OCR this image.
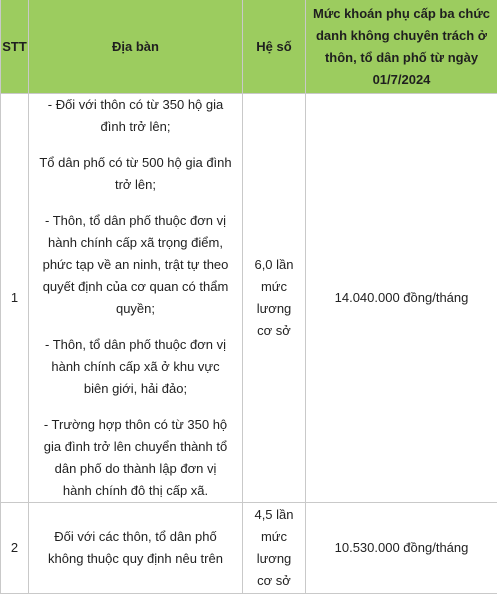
STT	Địa bàn	Hệ số	Mức khoán phụ cấp ba chức danh không chuyên trách ở thôn, tổ dân phố từ ngày 01/7/2024
1	- Đối với thôn có từ 350 hộ gia đình trở lên;

Tổ dân phố có từ 500 hộ gia đình trở lên;

- Thôn, tổ dân phố thuộc đơn vị hành chính cấp xã trọng điểm, phức tạp về an ninh, trật tự theo quyết định của cơ quan có thẩm quyền;

- Thôn, tổ dân phố thuộc đơn vị hành chính cấp xã ở khu vực biên giới, hải đảo;

- Trường hợp thôn có từ 350 hộ gia đình trở lên chuyển thành tổ dân phố do thành lập đơn vị hành chính đô thị cấp xã.	6,0 lần mức lương cơ sở	14.040.000 đồng/tháng
2	Đối với các thôn, tổ dân phố không thuộc quy định nêu trên	4,5 lần mức lương cơ sở	10.530.000 đồng/tháng
